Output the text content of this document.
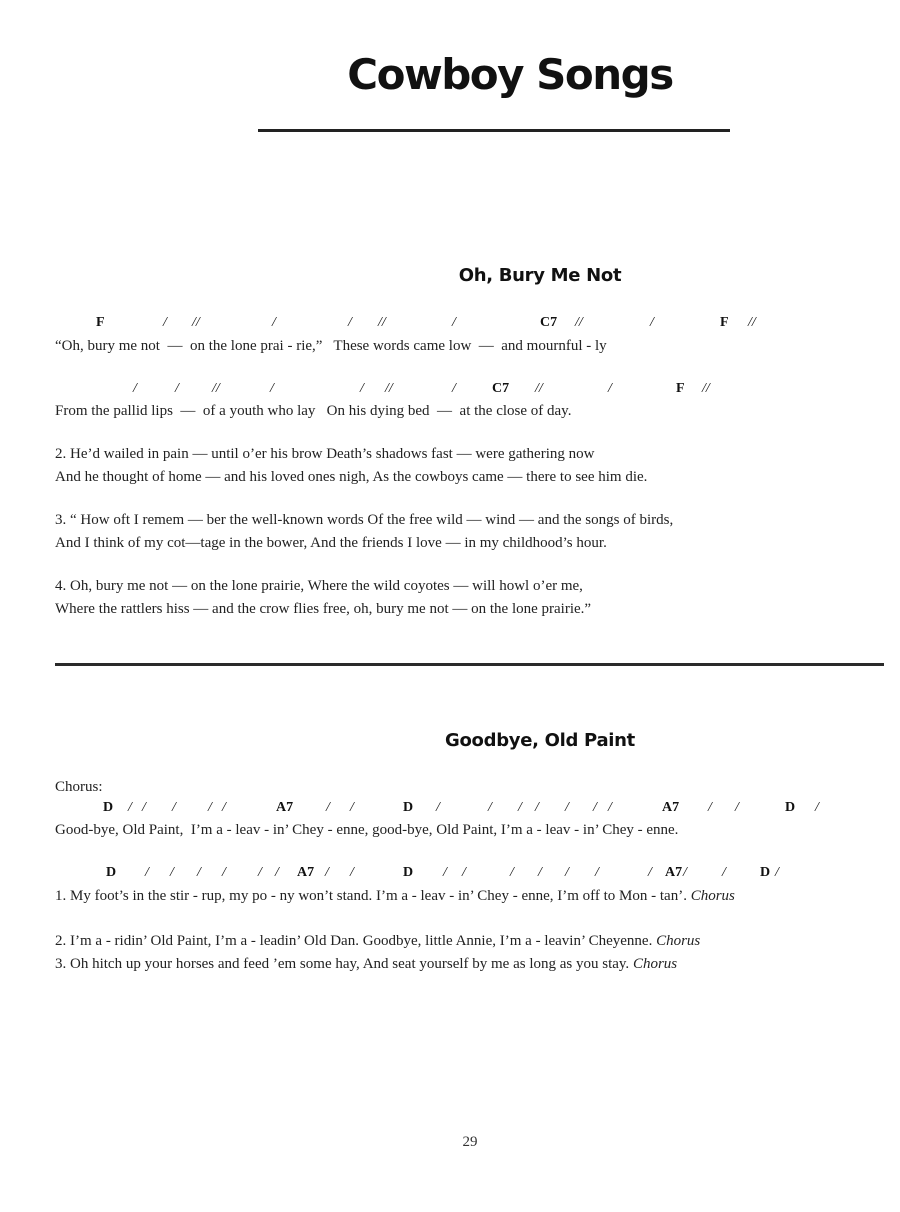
Cowboy Songs
Oh, Bury Me Not
F	/ //	/	/ //	/	C7 //	/	F //
“Oh, bury me not  —  on the lone prai - rie,”   These words came low  —  and mournful - ly
/	/ //	/	/ //	/	C7 //	/	F //
From the pallid lips  —  of a youth who lay   On his dying bed  —  at the close of day.
2. He’d wailed in pain — until o’er his brow Death’s shadows fast — were gathering now
And he thought of home — and his loved ones nigh, As the cowboys came — there to see him die.
3. “ How oft I remem — ber the well-known words Of the free wild — wind — and the songs of birds,
And I think of my cot—tage in the bower, And the friends I love — in my childhood’s hour.
4. Oh, bury me not — on the lone prairie, Where the wild coyotes — will howl o’er me,
Where the rattlers hiss — and the crow flies free, oh, bury me not — on the lone prairie.”
Goodbye, Old Paint
Chorus:
D / / / / /	A7 / /	D /	/ / / / / /	A7 / /	D /
Good-bye, Old Paint,  I’m a - leav - in’ Chey - enne, good-bye, Old Paint, I’m a - leav - in’ Chey - enne.
D / / / / / / A7 / /	D / /	/ / / /	/ A7 /	/ D /
1. My foot’s in the stir - rup, my po - ny won’t stand. I’m a - leav - in’ Chey - enne, I’m off to Mon - tan’. Chorus
2. I’m a - ridin’ Old Paint, I’m a - leadin’ Old Dan. Goodbye, little Annie, I’m a - leavin’ Cheyenne. Chorus
3. Oh hitch up your horses and feed ’em some hay, And seat yourself by me as long as you stay. Chorus
29
